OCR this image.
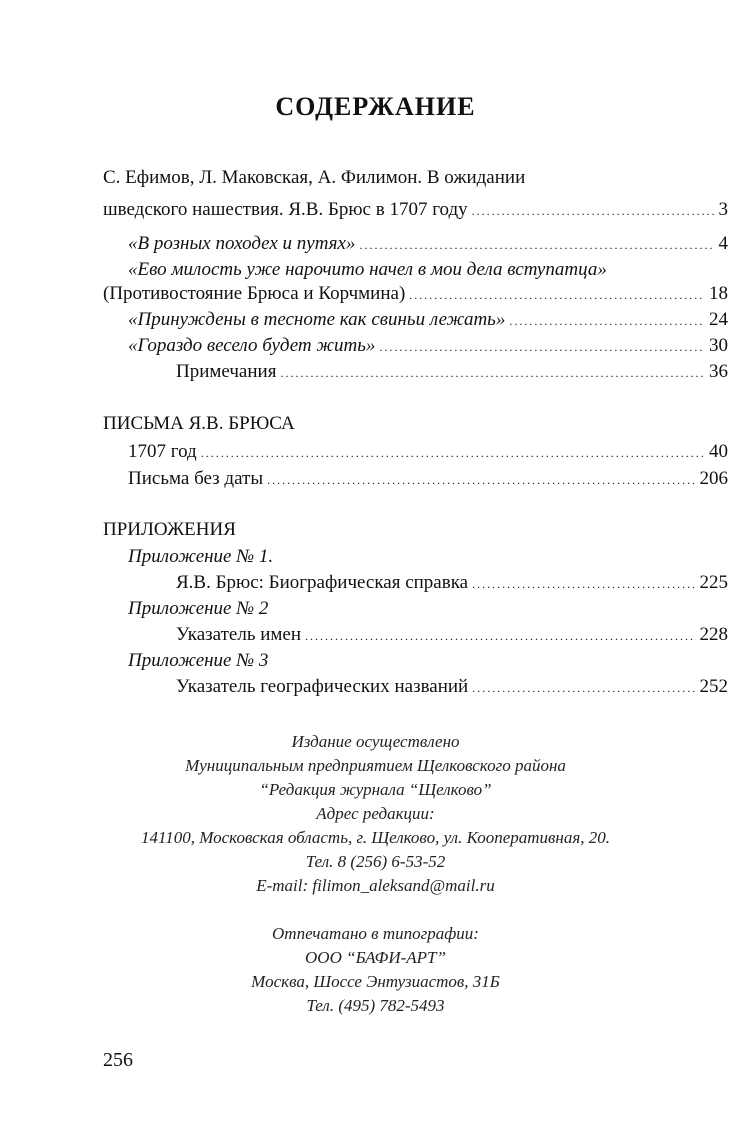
СОДЕРЖАНИЕ
С. Ефимов, Л. Маковская, А. Филимон. В ожидании
шведского нашествия. Я.В. Брюс в 1707 году .....	3
«В розных походех и путях» .....	4
«Ево милость уже нарочито начел в мои дела вступатца»
(Противостояние Брюса и Корчмина) .....	18
«Принуждены в тесноте как свиньи лежать» .....	24
«Гораздо весело будет жить» .....	30
Примечания .....	36
ПИСЬМА Я.В. БРЮСА
1707 год .....	40
Письма без даты .....	206
ПРИЛОЖЕНИЯ
Приложение № 1.
Я.В. Брюс: Биографическая справка .....	225
Приложение № 2
Указатель имен .....	228
Приложение № 3
Указатель географических названий .....	252
Издание осуществлено
Муниципальным предприятием Щелковского района
“Редакция журнала “Щелково”
Адрес редакции:
141100, Московская область, г. Щелково, ул. Кооперативная, 20.
Тел. 8 (256) 6-53-52
E-mail: filimon_aleksand@mail.ru
Отпечатано в типографии:
ООО “БАФИ-АРТ”
Москва, Шоссе Энтузиастов, 31Б
Тел. (495) 782-5493
256
